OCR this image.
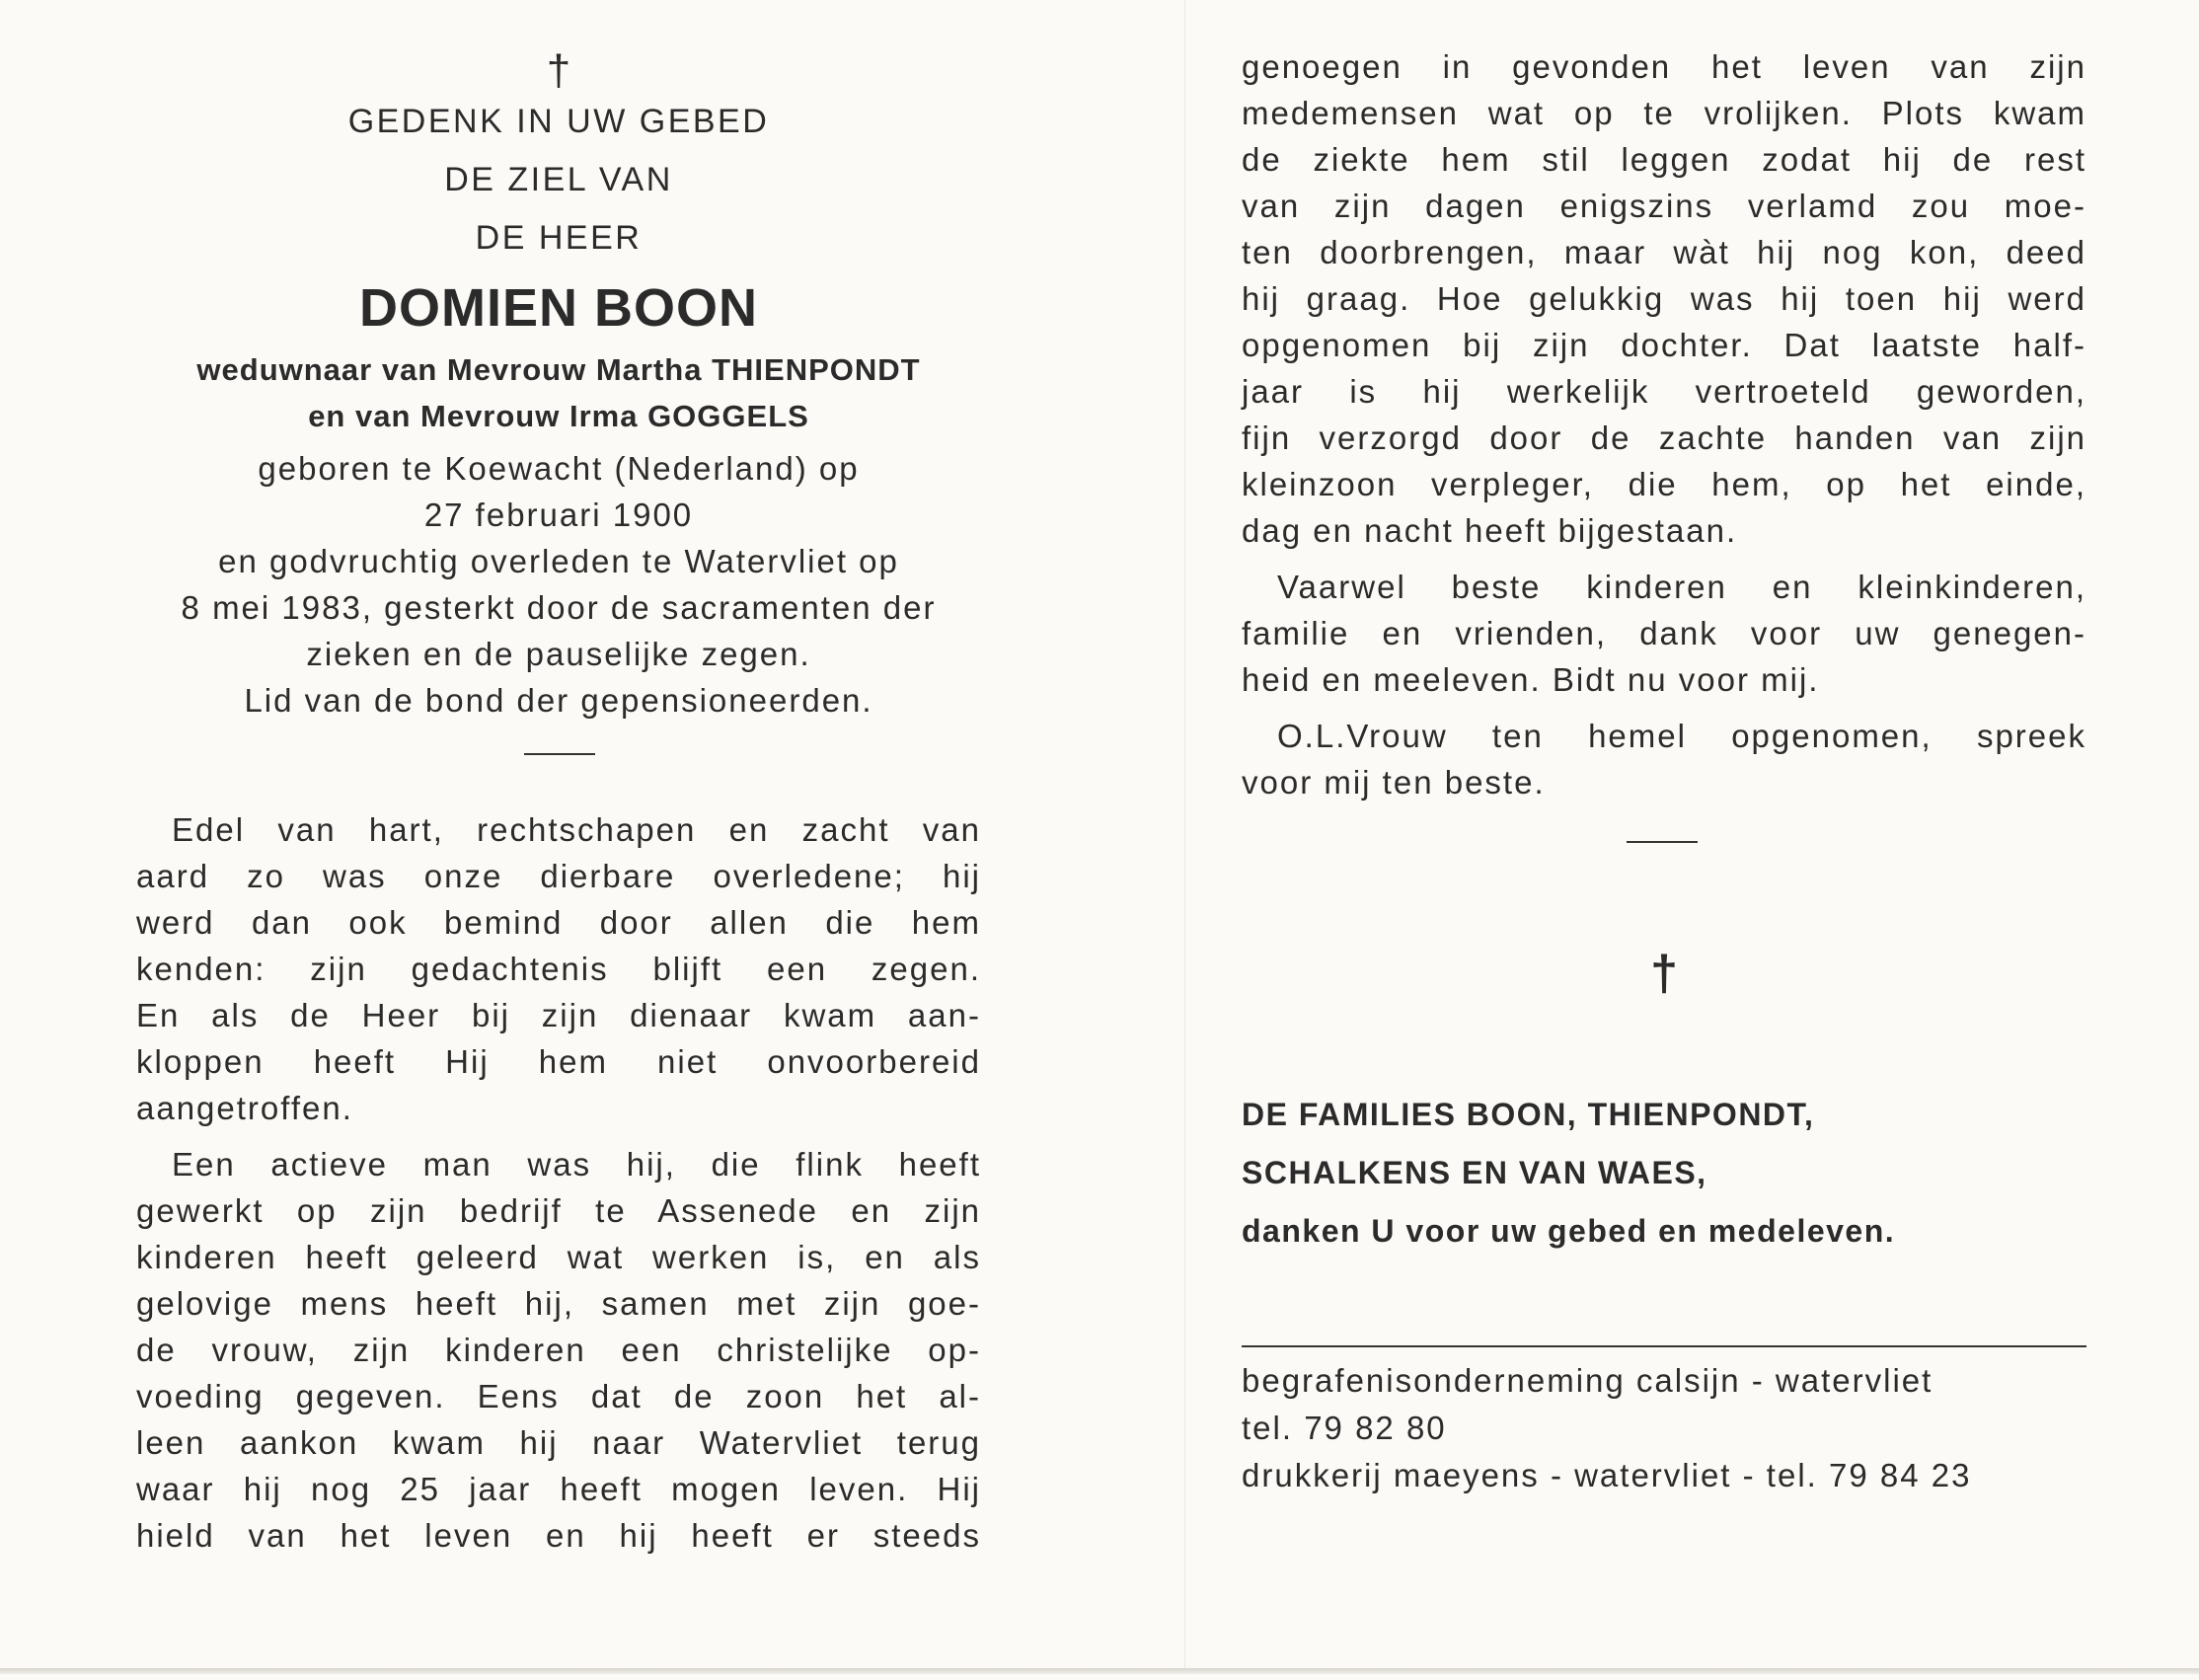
†
GEDENK IN UW GEBED
DE ZIEL VAN
DE HEER
DOMIEN BOON
weduwnaar van Mevrouw Martha THIENPONDT
en van Mevrouw Irma GOGGELS
geboren te Koewacht (Nederland) op
27 februari 1900
en godvruchtig overleden te Watervliet op
8 mei 1983, gesterkt door de sacramenten der
zieken en de pauselijke zegen.
Lid van de bond der gepensioneerden.

Edel van hart, rechtschapen en zacht van
aard zo was onze dierbare overledene; hij
werd dan ook bemind door allen die hem
kenden: zijn gedachtenis blijft een zegen.
En als de Heer bij zijn dienaar kwam aan-
kloppen heeft Hij hem niet onvoorbereid
aangetroffen.

Een actieve man was hij, die flink heeft
gewerkt op zijn bedrijf te Assenede en zijn
kinderen heeft geleerd wat werken is, en als
gelovige mens heeft hij, samen met zijn goe-
de vrouw, zijn kinderen een christelijke op-
voeding gegeven. Eens dat de zoon het al-
leen aankon kwam hij naar Watervliet terug
waar hij nog 25 jaar heeft mogen leven. Hij
hield van het leven en hij heeft er steeds

genoegen in gevonden het leven van zijn
medemensen wat op te vrolijken. Plots kwam
de ziekte hem stil leggen zodat hij de rest
van zijn dagen enigszins verlamd zou moe-
ten doorbrengen, maar wàt hij nog kon, deed
hij graag. Hoe gelukkig was hij toen hij werd
opgenomen bij zijn dochter. Dat laatste half-
jaar is hij werkelijk vertroeteld geworden,
fijn verzorgd door de zachte handen van zijn
kleinzoon verpleger, die hem, op het einde,
dag en nacht heeft bijgestaan.

Vaarwel beste kinderen en kleinkinderen,
familie en vrienden, dank voor uw genegen-
heid en meeleven. Bidt nu voor mij.

O.L.Vrouw ten hemel opgenomen, spreek
voor mij ten beste.

†
DE FAMILIES BOON, THIENPONDT,
SCHALKENS EN VAN WAES,
danken U voor uw gebed en medeleven.
begrafenisonderneming calsijn - watervliet
tel. 79 82 80
drukkerij maeyens - watervliet - tel. 79 84 23
